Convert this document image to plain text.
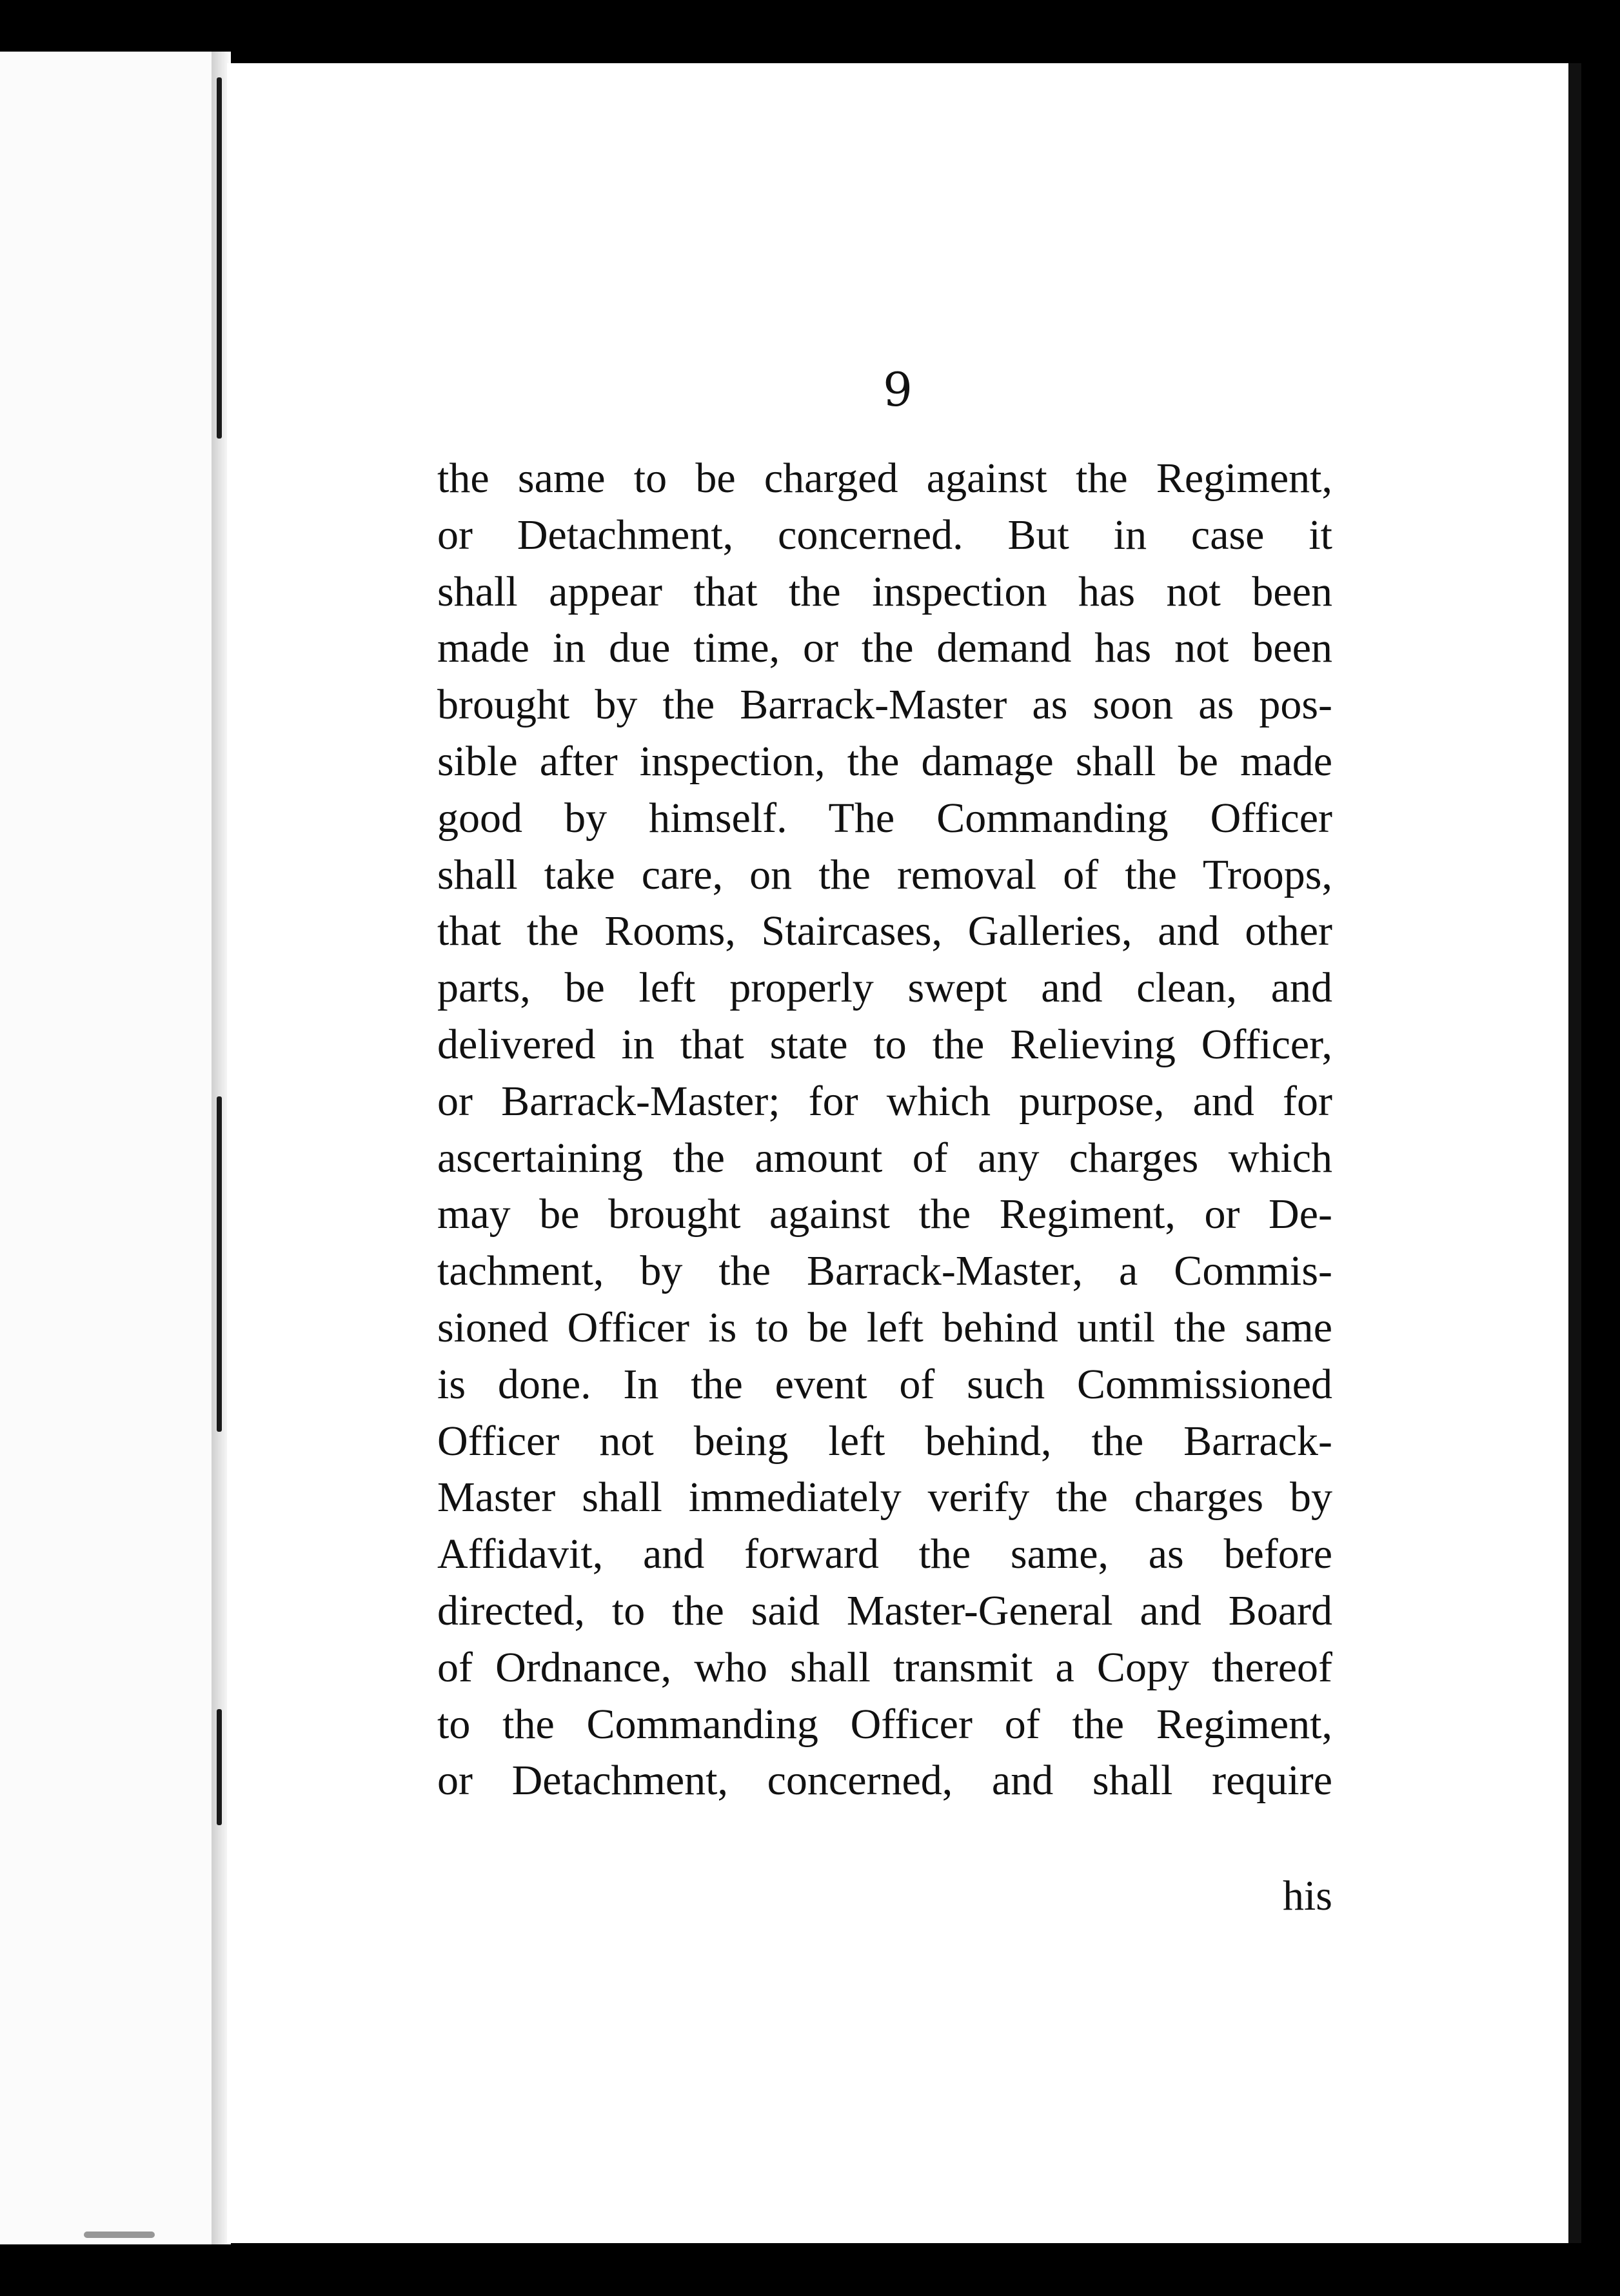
9
the same to be charged against the Regiment,
or Detachment, concerned. But in case it
shall appear that the inspection has not been
made in due time, or the demand has not been
brought by the Barrack-Master as soon as pos-
sible after inspection, the damage shall be made
good by himself. The Commanding Officer
shall take care, on the removal of the Troops,
that the Rooms, Staircases, Galleries, and other
parts, be left properly swept and clean, and
delivered in that state to the Relieving Officer,
or Barrack-Master; for which purpose, and for
ascertaining the amount of any charges which
may be brought against the Regiment, or De-
tachment, by the Barrack-Master, a Commis-
sioned Officer is to be left behind until the same
is done. In the event of such Commissioned
Officer not being left behind, the Barrack-
Master shall immediately verify the charges by
Affidavit, and forward the same, as before
directed, to the said Master-General and Board
of Ordnance, who shall transmit a Copy thereof
to the Commanding Officer of the Regiment,
or Detachment, concerned, and shall require
his
